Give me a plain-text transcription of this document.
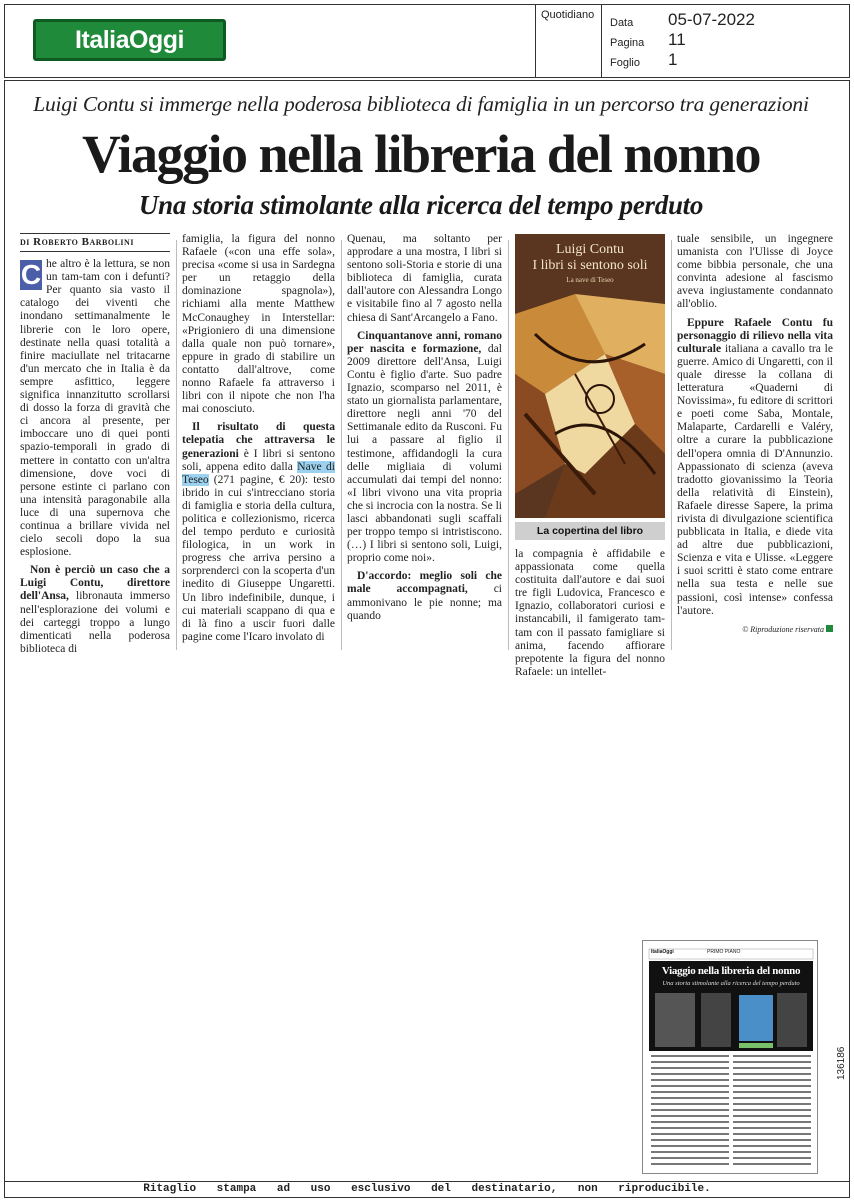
ItaliaOggi
Quotidiano
Data	05-07-2022
Pagina	11
Foglio	1
Luigi Contu si immerge nella poderosa biblioteca di famiglia in un percorso tra generazioni
Viaggio nella libreria del nonno
Una storia stimolante alla ricerca del tempo perduto
di Roberto Barbolini

C he altro è la lettura, se non un tam-tam con i defunti? Per quanto sia vasto il catalogo dei viventi che inondano settimanalmente le librerie con le loro opere, destinate nella quasi totalità a finire maciullate nel tritacarne d'un mercato che in Italia è da sempre asfittico, leggere significa innanzitutto scrollarsi di dosso la forza di gravità che ci ancora al presente, per imboccare uno di quei ponti spazio-temporali in grado di mettere in contatto con un'altra dimensione, dove voci di persone estinte ci parlano con una intensità paragonabile alla luce di una supernova che continua a brillare vivida nel cielo secoli dopo la sua esplosione.

Non è perciò un caso che a Luigi Contu, direttore dell'Ansa, libronauta immerso nell'esplorazione dei volumi e dei carteggi troppo a lungo dimenticati nella poderosa biblioteca di

famiglia, la figura del nonno Rafaele («con una effe sola», precisa «come si usa in Sardegna per un retaggio della dominazione spagnola»), richiami alla mente Matthew McConaughey in Interstellar: «Prigioniero di una dimensione dalla quale non può tornare», eppure in grado di stabilire un contatto dall'altrove, come nonno Rafaele fa attraverso i libri con il nipote che non l'ha mai conosciuto.

Il risultato di questa telepatia che attraversa le generazioni è I libri si sentono soli, appena edito dalla Nave di Teseo (271 pagine, € 20): testo ibrido in cui s'intrecciano storia di famiglia e storia della cultura, politica e collezionismo, ricerca del tempo perduto e curiosità filologica, in un work in progress che arriva persino a sorprenderci con la scoperta d'un inedito di Giuseppe Ungaretti. Un libro indefinibile, dunque, i cui materiali scappano di qua e di là fino a uscir fuori dalle pagine come l'Icaro involato di

Quenau, ma soltanto per approdare a una mostra, I libri si sentono soli-Storia e storie di una biblioteca di famiglia, curata dall'autore con Alessandra Longo e visitabile fino al 7 agosto nella chiesa di Sant'Arcangelo a Fano.

Cinquantanove anni, romano per nascita e formazione, dal 2009 direttore dell'Ansa, Luigi Contu è figlio d'arte. Suo padre Ignazio, scomparso nel 2011, è stato un giornalista parlamentare, direttore negli anni '70 del Settimanale edito da Rusconi. Fu lui a passare al figlio il testimone, affidandogli la cura delle migliaia di volumi accumulati dai tempi del nonno: «I libri vivono una vita propria che si incrocia con la nostra. Se li lasci abbandonati sugli scaffali per troppo tempo si intristiscono.(…) I libri si sentono soli, Luigi, proprio come noi».

D'accordo: meglio soli che male accompagnati, ci ammonivano le pie nonne; ma quando

Luigi Contu
I libri si sentono soli
La nave di Teseo
La copertina del libro

la compagnia è affidabile e appassionata come quella costituita dall'autore e dai suoi tre figli Ludovica, Francesco e Ignazio, collaboratori curiosi e instancabili, il famigerato tam-tam con il passato famigliare si anima, facendo affiorare prepotente la figura del nonno Rafaele: un intellet-

tuale sensibile, un ingegnere umanista con l'Ulisse di Joyce come bibbia personale, che una convinta adesione al fascismo aveva ingiustamente condannato all'oblio.

Eppure Rafaele Contu fu personaggio di rilievo nella vita culturale italiana a cavallo tra le guerre. Amico di Ungaretti, con il quale diresse la collana di letteratura «Quaderni di Novissima», fu editore di scrittori e poeti come Saba, Montale, Malaparte, Cardarelli e Valéry, oltre a curare la pubblicazione dell'opera omnia di D'Annunzio. Appassionato di scienza (aveva tradotto giovanissimo la Teoria della relatività di Einstein), Rafaele diresse Sapere, la prima rivista di divulgazione scientifica pubblicata in Italia, e diede vita ad altre due pubblicazioni, Scienza e vita e Ulisse. «Leggere i suoi scritti è stato come entrare nella sua testa e nelle sue passioni, così intense» confessa l'autore.

© Riproduzione riservata

ItaliaOggi	PRIMO PIANO
Viaggio nella libreria del nonno
Una storia stimolante alla ricerca del tempo perduto
136186
Ritaglio stampa ad uso esclusivo del destinatario, non riproducibile.
